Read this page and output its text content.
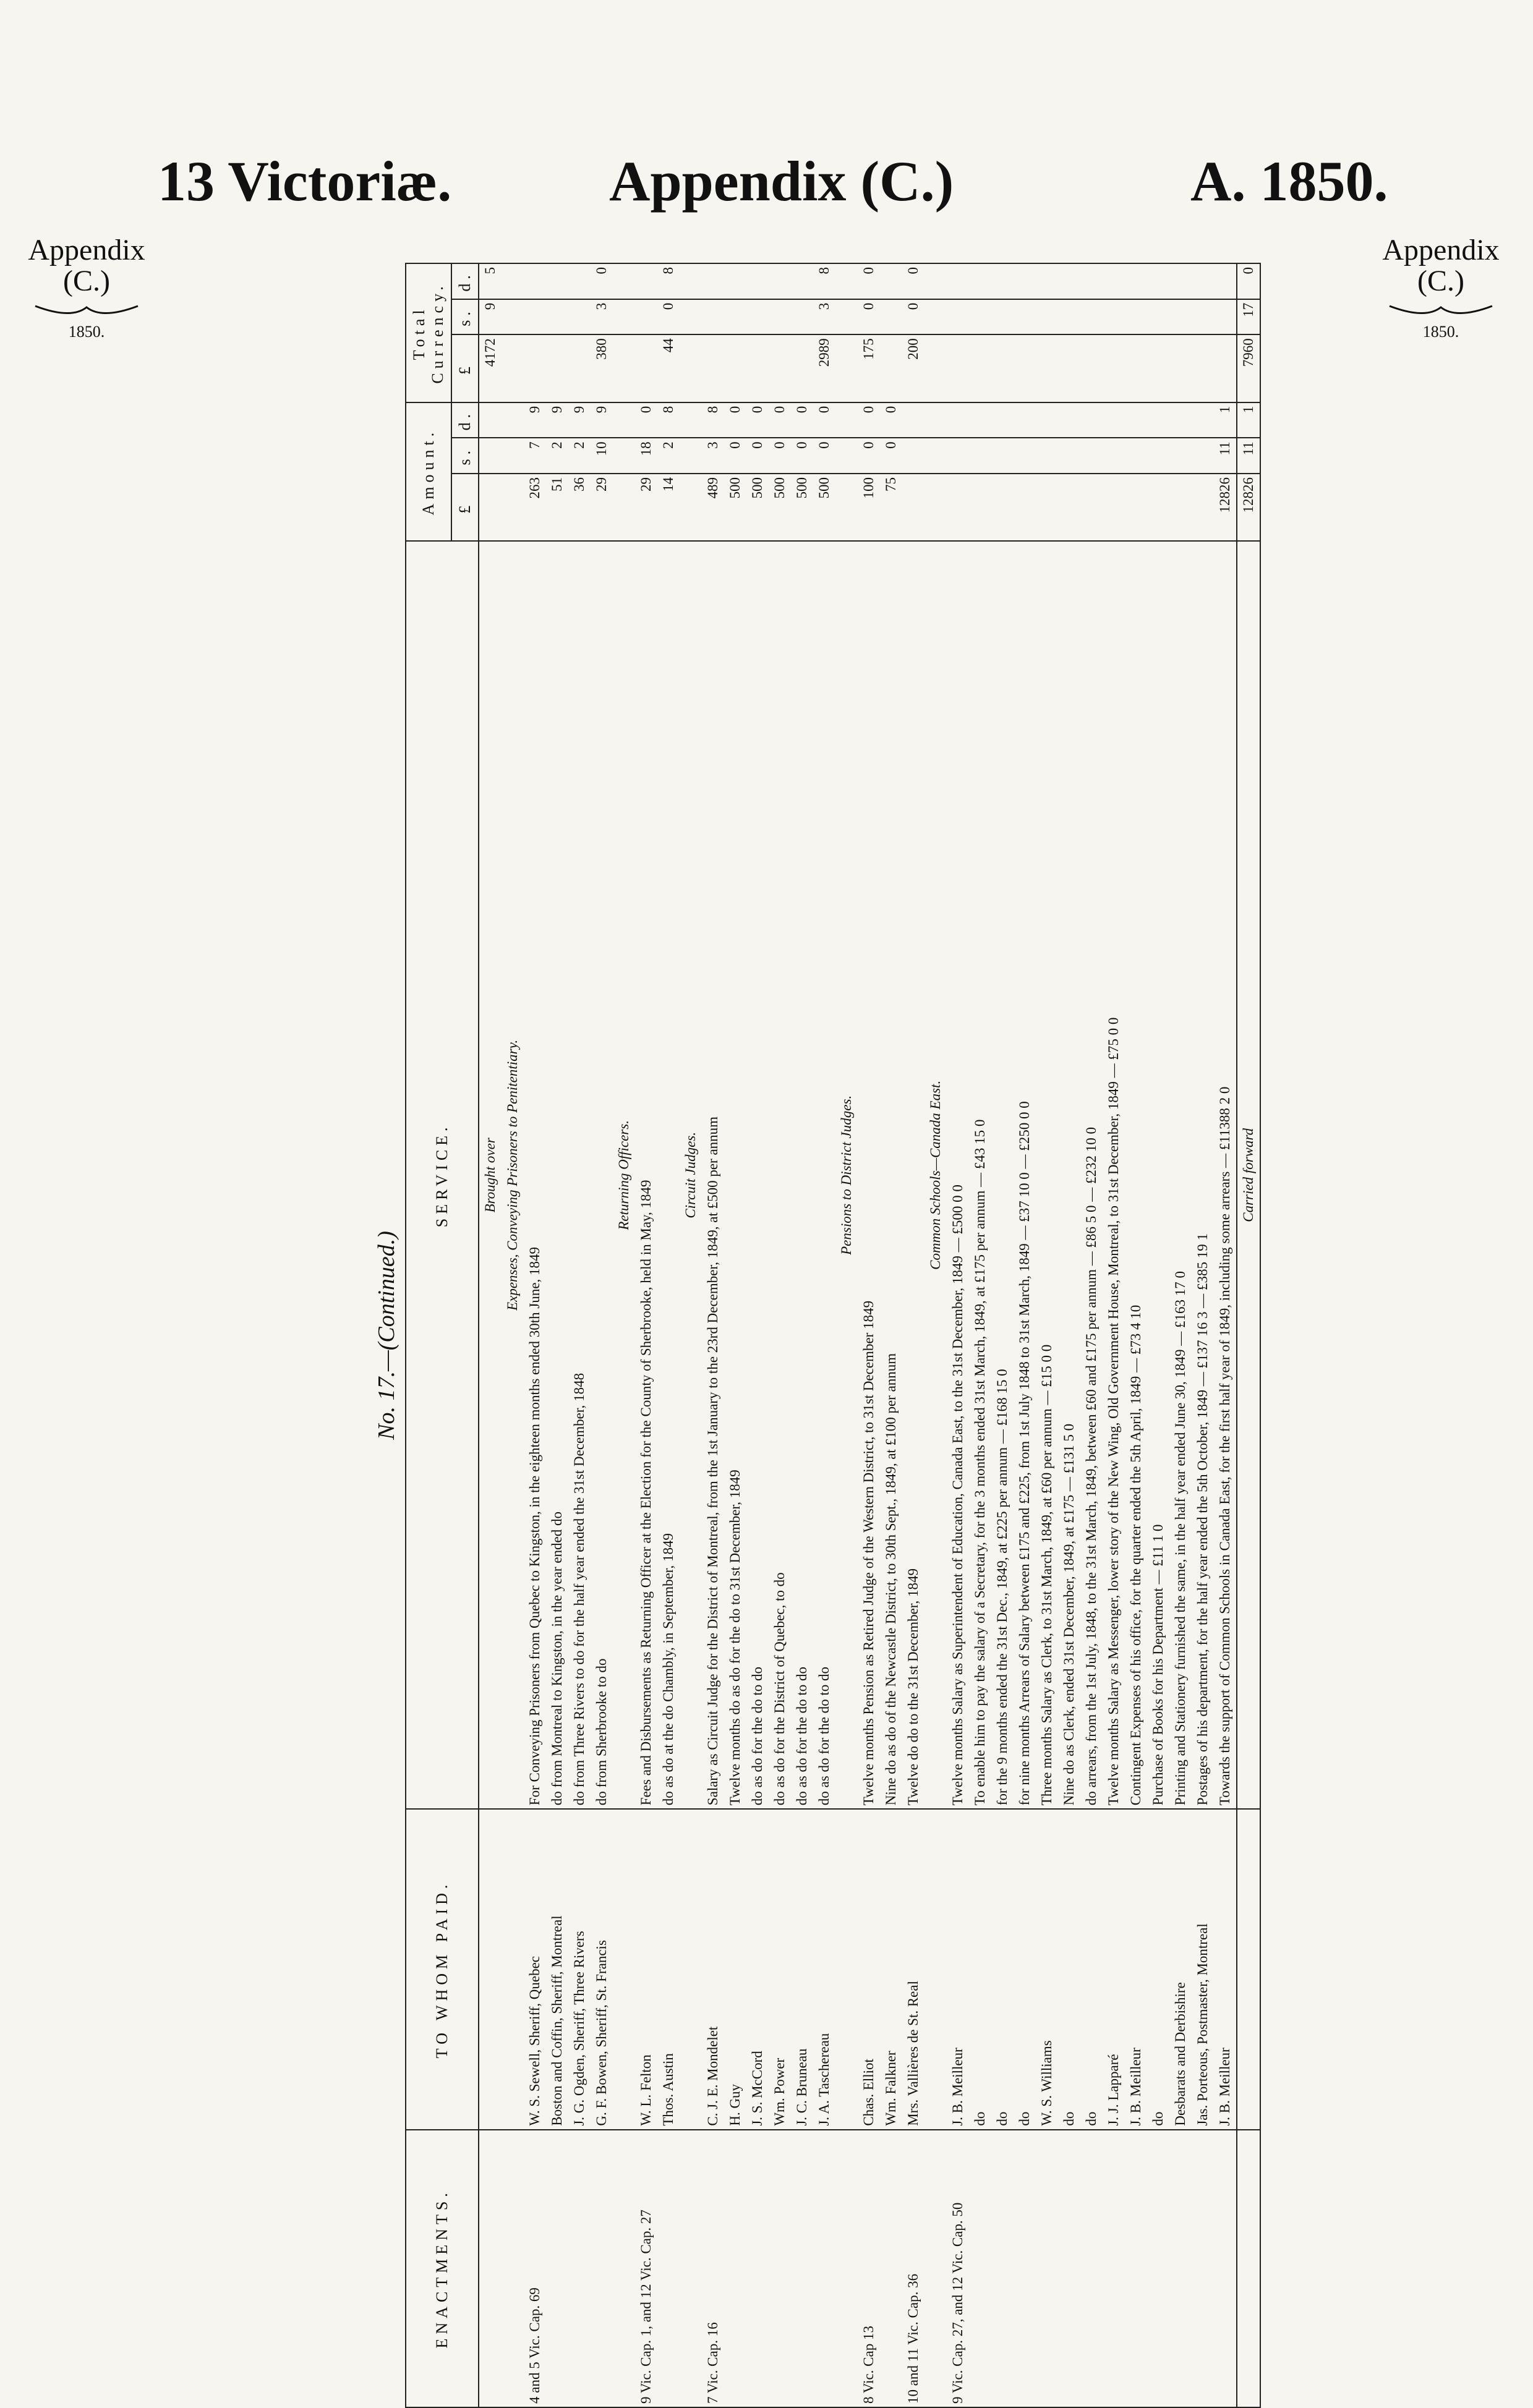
13 Victoriæ.	Appendix (C.)	A. 1850.
Appendix
(C.)
1850.
Appendix
(C.)
1850.
No. 17.—(Continued.)
ENACTMENTS.	TO WHOM PAID.	SERVICE.	Amount.			Total Currency.		
			£	s.	d.	£	s.	d.
		Brought over				4172	9	5
		Expenses, Conveying Prisoners to Penitentiary.						
4 and 5 Vic. Cap. 69	W. S. Sewell, Sheriff, Quebec	For Conveying Prisoners from Quebec to Kingston, in the eighteen months ended 30th June, 1849	263	7	9			
	Boston and Coffin, Sheriff, Montreal	do from Montreal to Kingston, in the year ended do	51	2	9			
	J. G. Ogden, Sheriff, Three Rivers	do from Three Rivers to do for the half year ended the 31st December, 1848	36	2	9			
	G. F. Bowen, Sheriff, St. Francis	do from Sherbrooke to do	29	10	9	380	3	0
		Returning Officers.						
9 Vic. Cap. 1, and 12 Vic. Cap. 27	W. L. Felton	Fees and Disbursements as Returning Officer at the Election for the County of Sherbrooke, held in May, 1849	29	18	0			
	Thos. Austin	do as do at the do Chambly, in September, 1849	14	2	8	44	0	8
		Circuit Judges.						
7 Vic. Cap. 16	C. J. E. Mondelet	Salary as Circuit Judge for the District of Montreal, from the 1st January to the 23rd December, 1849, at £500 per annum	489	3	8			
	H. Guy	Twelve months do as do for the do to 31st December, 1849	500	0	0			
	J. S. McCord	do as do for the do to do	500	0	0			
	Wm. Power	do as do for the District of Quebec, to do	500	0	0			
	J. C. Bruneau	do as do for the do to do	500	0	0			
	J. A. Taschereau	do as do for the do to do	500	0	0	2989	3	8
		Pensions to District Judges.						
8 Vic. Cap 13	Chas. Elliot	Twelve months Pension as Retired Judge of the Western District, to 31st December 1849	100	0	0	175	0	0
	Wm. Falkner	Nine do as do of the Newcastle District, to 30th Sept., 1849, at £100 per annum	75	0	0			
10 and 11 Vic. Cap. 36	Mrs. Vallières de St. Real	Twelve do do to the 31st December, 1849				200	0	0
		Common Schools—Canada East.						
9 Vic. Cap. 27, and 12 Vic. Cap. 50	J. B. Meilleur	Twelve months Salary as Superintendent of Education, Canada East, to the 31st December, 1849 — £500 0 0						
	do	To enable him to pay the salary of a Secretary, for the 3 months ended 31st March, 1849, at £175 per annum — £43 15 0						
	do	for the 9 months ended the 31st Dec., 1849, at £225 per annum — £168 15 0						
	do	for nine months Arrears of Salary between £175 and £225, from 1st July 1848 to 31st March, 1849 — £37 10 0 — £250 0 0						
	W. S. Williams	Three months Salary as Clerk, to 31st March, 1849, at £60 per annum — £15 0 0						
	do	Nine do as Clerk, ended 31st December, 1849, at £175 — £131 5 0						
	do	do arrears, from the 1st July, 1848, to the 31st March, 1849, between £60 and £175 per annum — £86 5 0 — £232 10 0						
	J. J. Lapparé	Twelve months Salary as Messenger, lower story of the New Wing, Old Government House, Montreal, to 31st December, 1849 — £75 0 0						
	J. B. Meilleur	Contingent Expenses of his office, for the quarter ended the 5th April, 1849 — £73 4 10						
	do	Purchase of Books for his Department — £11 1 0						
	Desbarats and Derbishire	Printing and Stationery furnished the same, in the half year ended June 30, 1849 — £163 17 0						
	Jas. Porteous, Postmaster, Montreal	Postages of his department, for the half year ended the 5th October, 1849 — £137 16 3 — £385 19 1						
	J. B. Meilleur	Towards the support of Common Schools in Canada East, for the first half year of 1849, including some arrears — £11388 2 0	12826	11	1			
		Carried forward	12826	11	1	7960	17	0
